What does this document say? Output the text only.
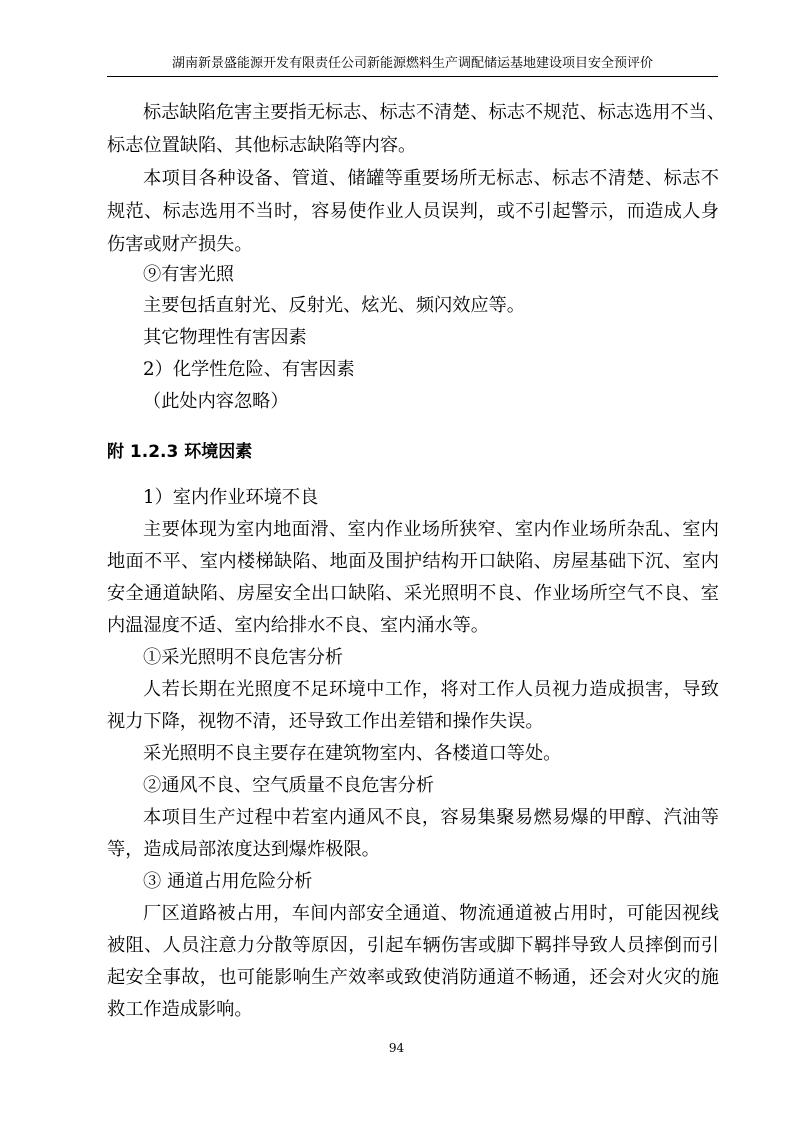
湖南新景盛能源开发有限责任公司新能源燃料生产调配储运基地建设项目安全预评价
标志缺陷危害主要指无标志、标志不清楚、标志不规范、标志选用不当、
标志位置缺陷、其他标志缺陷等内容。
本项目各种设备、管道、储罐等重要场所无标志、标志不清楚、标志不
规范、标志选用不当时，容易使作业人员误判，或不引起警示，而造成人身
伤害或财产损失。
⑨有害光照
主要包括直射光、反射光、炫光、频闪效应等。
其它物理性有害因素
2）化学性危险、有害因素
（此处内容忽略）
附 1.2.3 环境因素
1）室内作业环境不良
主要体现为室内地面滑、室内作业场所狭窄、室内作业场所杂乱、室内
地面不平、室内楼梯缺陷、地面及围护结构开口缺陷、房屋基础下沉、室内
安全通道缺陷、房屋安全出口缺陷、采光照明不良、作业场所空气不良、室
内温湿度不适、室内给排水不良、室内涌水等。
①采光照明不良危害分析
人若长期在光照度不足环境中工作，将对工作人员视力造成损害，导致
视力下降，视物不清，还导致工作出差错和操作失误。
采光照明不良主要存在建筑物室内、各楼道口等处。
②通风不良、空气质量不良危害分析
本项目生产过程中若室内通风不良，容易集聚易燃易爆的甲醇、汽油等
等，造成局部浓度达到爆炸极限。
③ 通道占用危险分析
厂区道路被占用，车间内部安全通道、物流通道被占用时，可能因视线
被阻、人员注意力分散等原因，引起车辆伤害或脚下羁拌导致人员摔倒而引
起安全事故，也可能影响生产效率或致使消防通道不畅通，还会对火灾的施
救工作造成影响。
94
